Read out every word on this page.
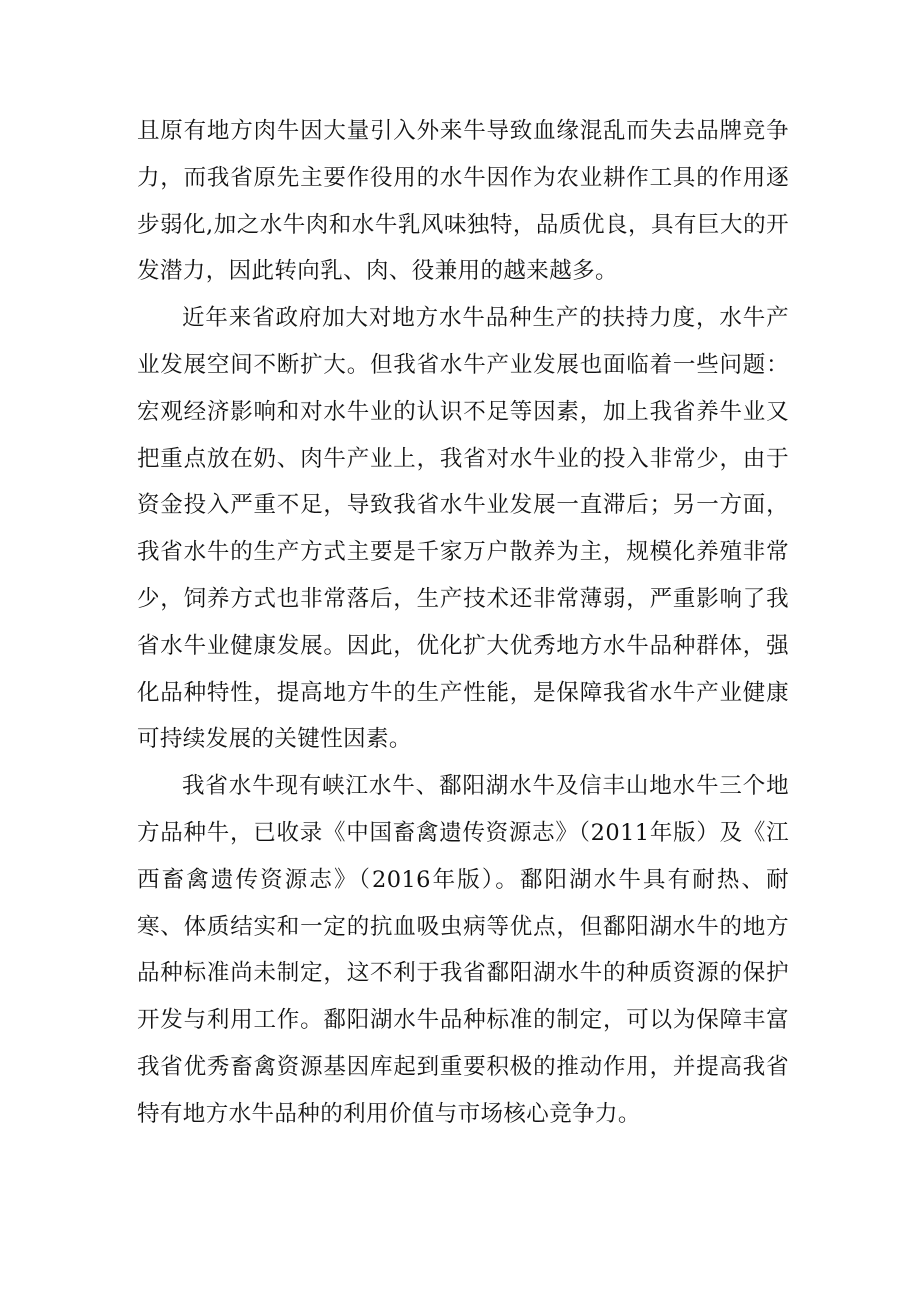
且原有地方肉牛因大量引入外来牛导致血缘混乱而失去品牌竞争力，而我省原先主要作役用的水牛因作为农业耕作工具的作用逐步弱化,加之水牛肉和水牛乳风味独特，品质优良，具有巨大的开发潜力，因此转向乳、肉、役兼用的越来越多。

近年来省政府加大对地方水牛品种生产的扶持力度，水牛产业发展空间不断扩大。但我省水牛产业发展也面临着一些问题：宏观经济影响和对水牛业的认识不足等因素，加上我省养牛业又把重点放在奶、肉牛产业上，我省对水牛业的投入非常少，由于资金投入严重不足，导致我省水牛业发展一直滞后；另一方面，我省水牛的生产方式主要是千家万户散养为主，规模化养殖非常少，饲养方式也非常落后，生产技术还非常薄弱，严重影响了我省水牛业健康发展。因此，优化扩大优秀地方水牛品种群体，强化品种特性，提高地方牛的生产性能，是保障我省水牛产业健康可持续发展的关键性因素。

我省水牛现有峡江水牛、鄱阳湖水牛及信丰山地水牛三个地方品种牛，已收录《中国畜禽遗传资源志》（2011年版）及《江西畜禽遗传资源志》（2016年版）。鄱阳湖水牛具有耐热、耐寒、体质结实和一定的抗血吸虫病等优点，但鄱阳湖水牛的地方品种标准尚未制定，这不利于我省鄱阳湖水牛的种质资源的保护开发与利用工作。鄱阳湖水牛品种标准的制定，可以为保障丰富我省优秀畜禽资源基因库起到重要积极的推动作用，并提高我省特有地方水牛品种的利用价值与市场核心竞争力。
